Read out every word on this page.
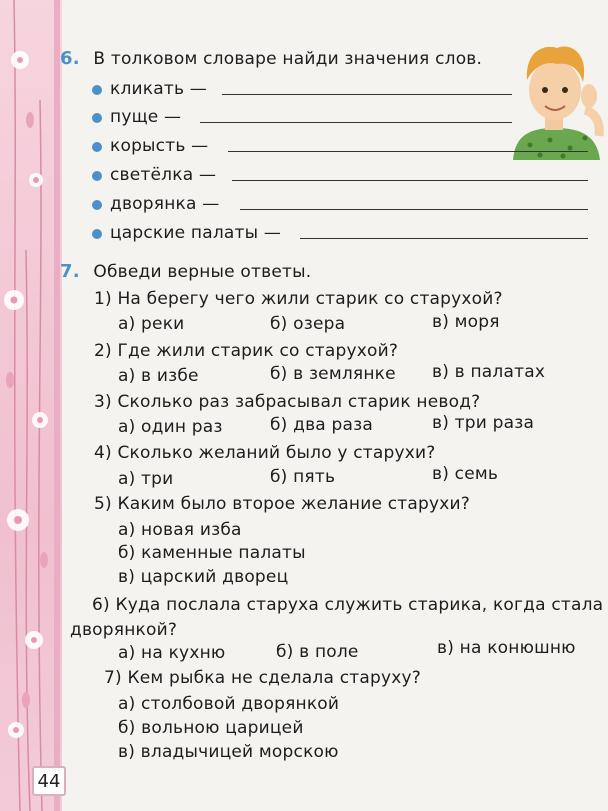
44
6. В толковом словаре найди значения слов.
кликать —
пуще —
корысть —
светёлка —
дворянка —
царские палаты —
7. Обведи верные ответы.
1) На берегу чего жили старик со старухой?
а) реки	б) озера	в) моря
2) Где жили старик со старухой?
а) в избе	б) в землянке в) в палатах
3) Сколько раз забрасывал старик невод?
а) один раз	б) два раза	в) три раза
4) Сколько желаний было у старухи?
а) три	б) пять	в) семь
5) Каким было второе желание старухи?
а) новая изба
б) каменные палаты
в) царский дворец
6) Куда послала старуха служить старика, когда стала
дворянкой?
а) на кухню	б) в поле	в) на конюшню
7) Кем рыбка не сделала старуху?
а) столбовой дворянкой
б) вольною царицей
в) владычицей морскою
